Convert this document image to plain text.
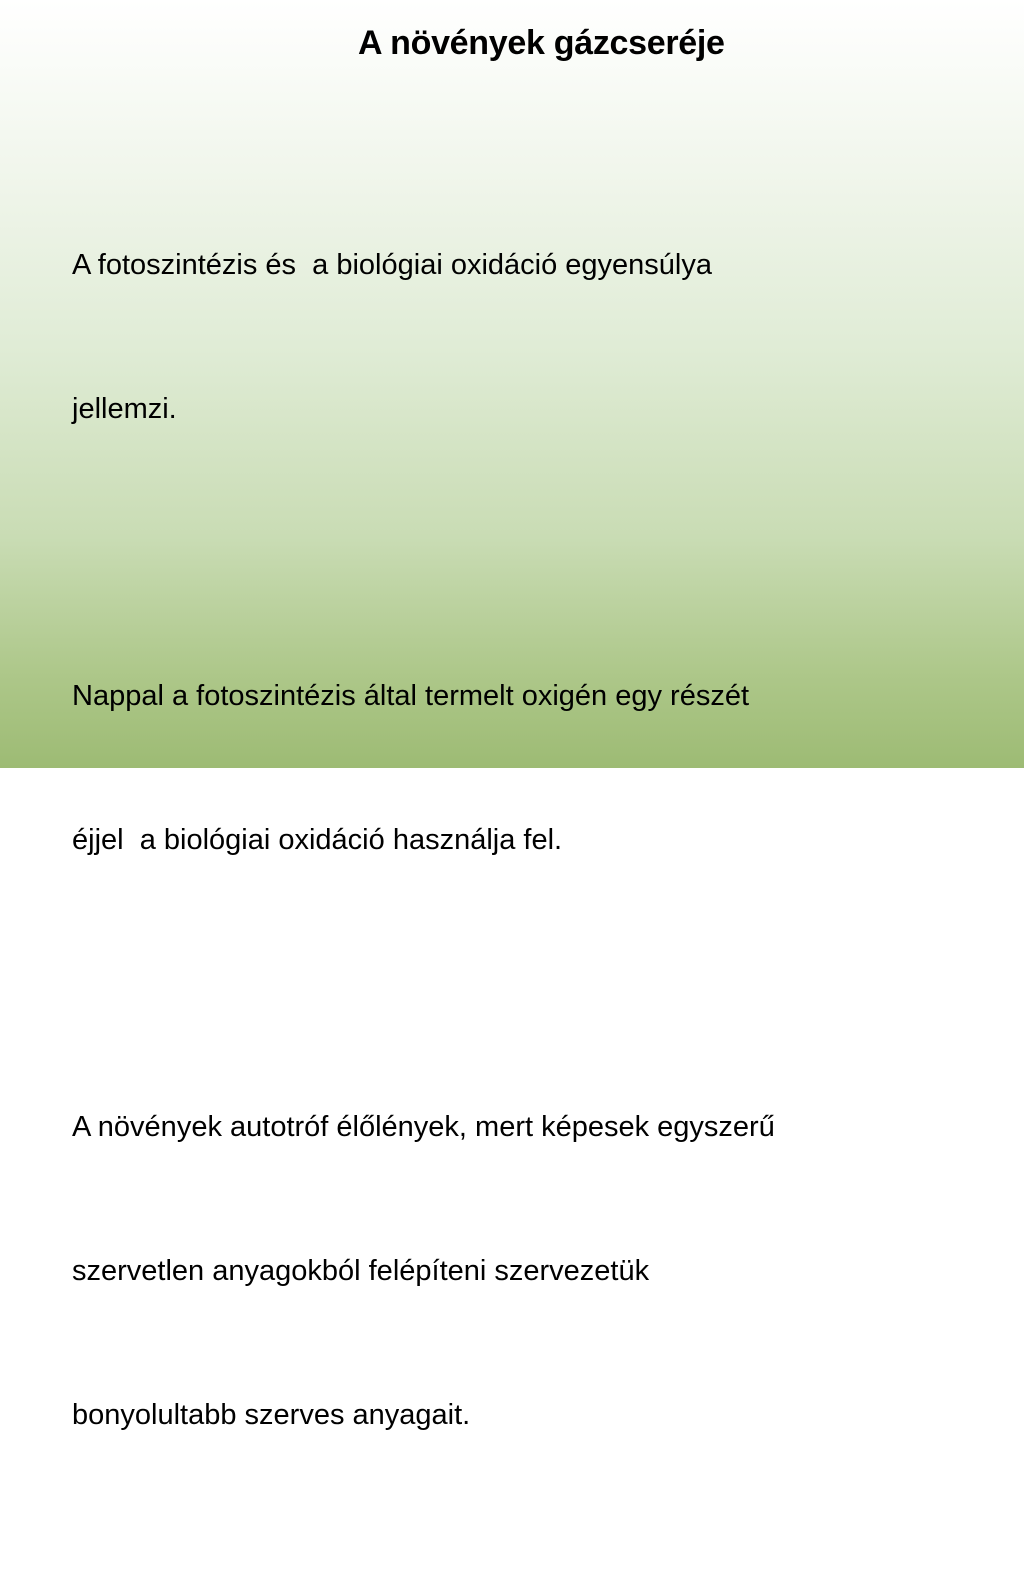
A növények gázcseréje

A fotoszintézis és  a biológiai oxidáció egyensúlya

jellemzi.

Nappal a fotoszintézis által termelt oxigén egy részét

éjjel  a biológiai oxidáció használja fel.

A növények autotróf élőlények, mert képesek egyszerű

szervetlen anyagokból felépíteni szervezetük

bonyolultabb szerves anyagait.
